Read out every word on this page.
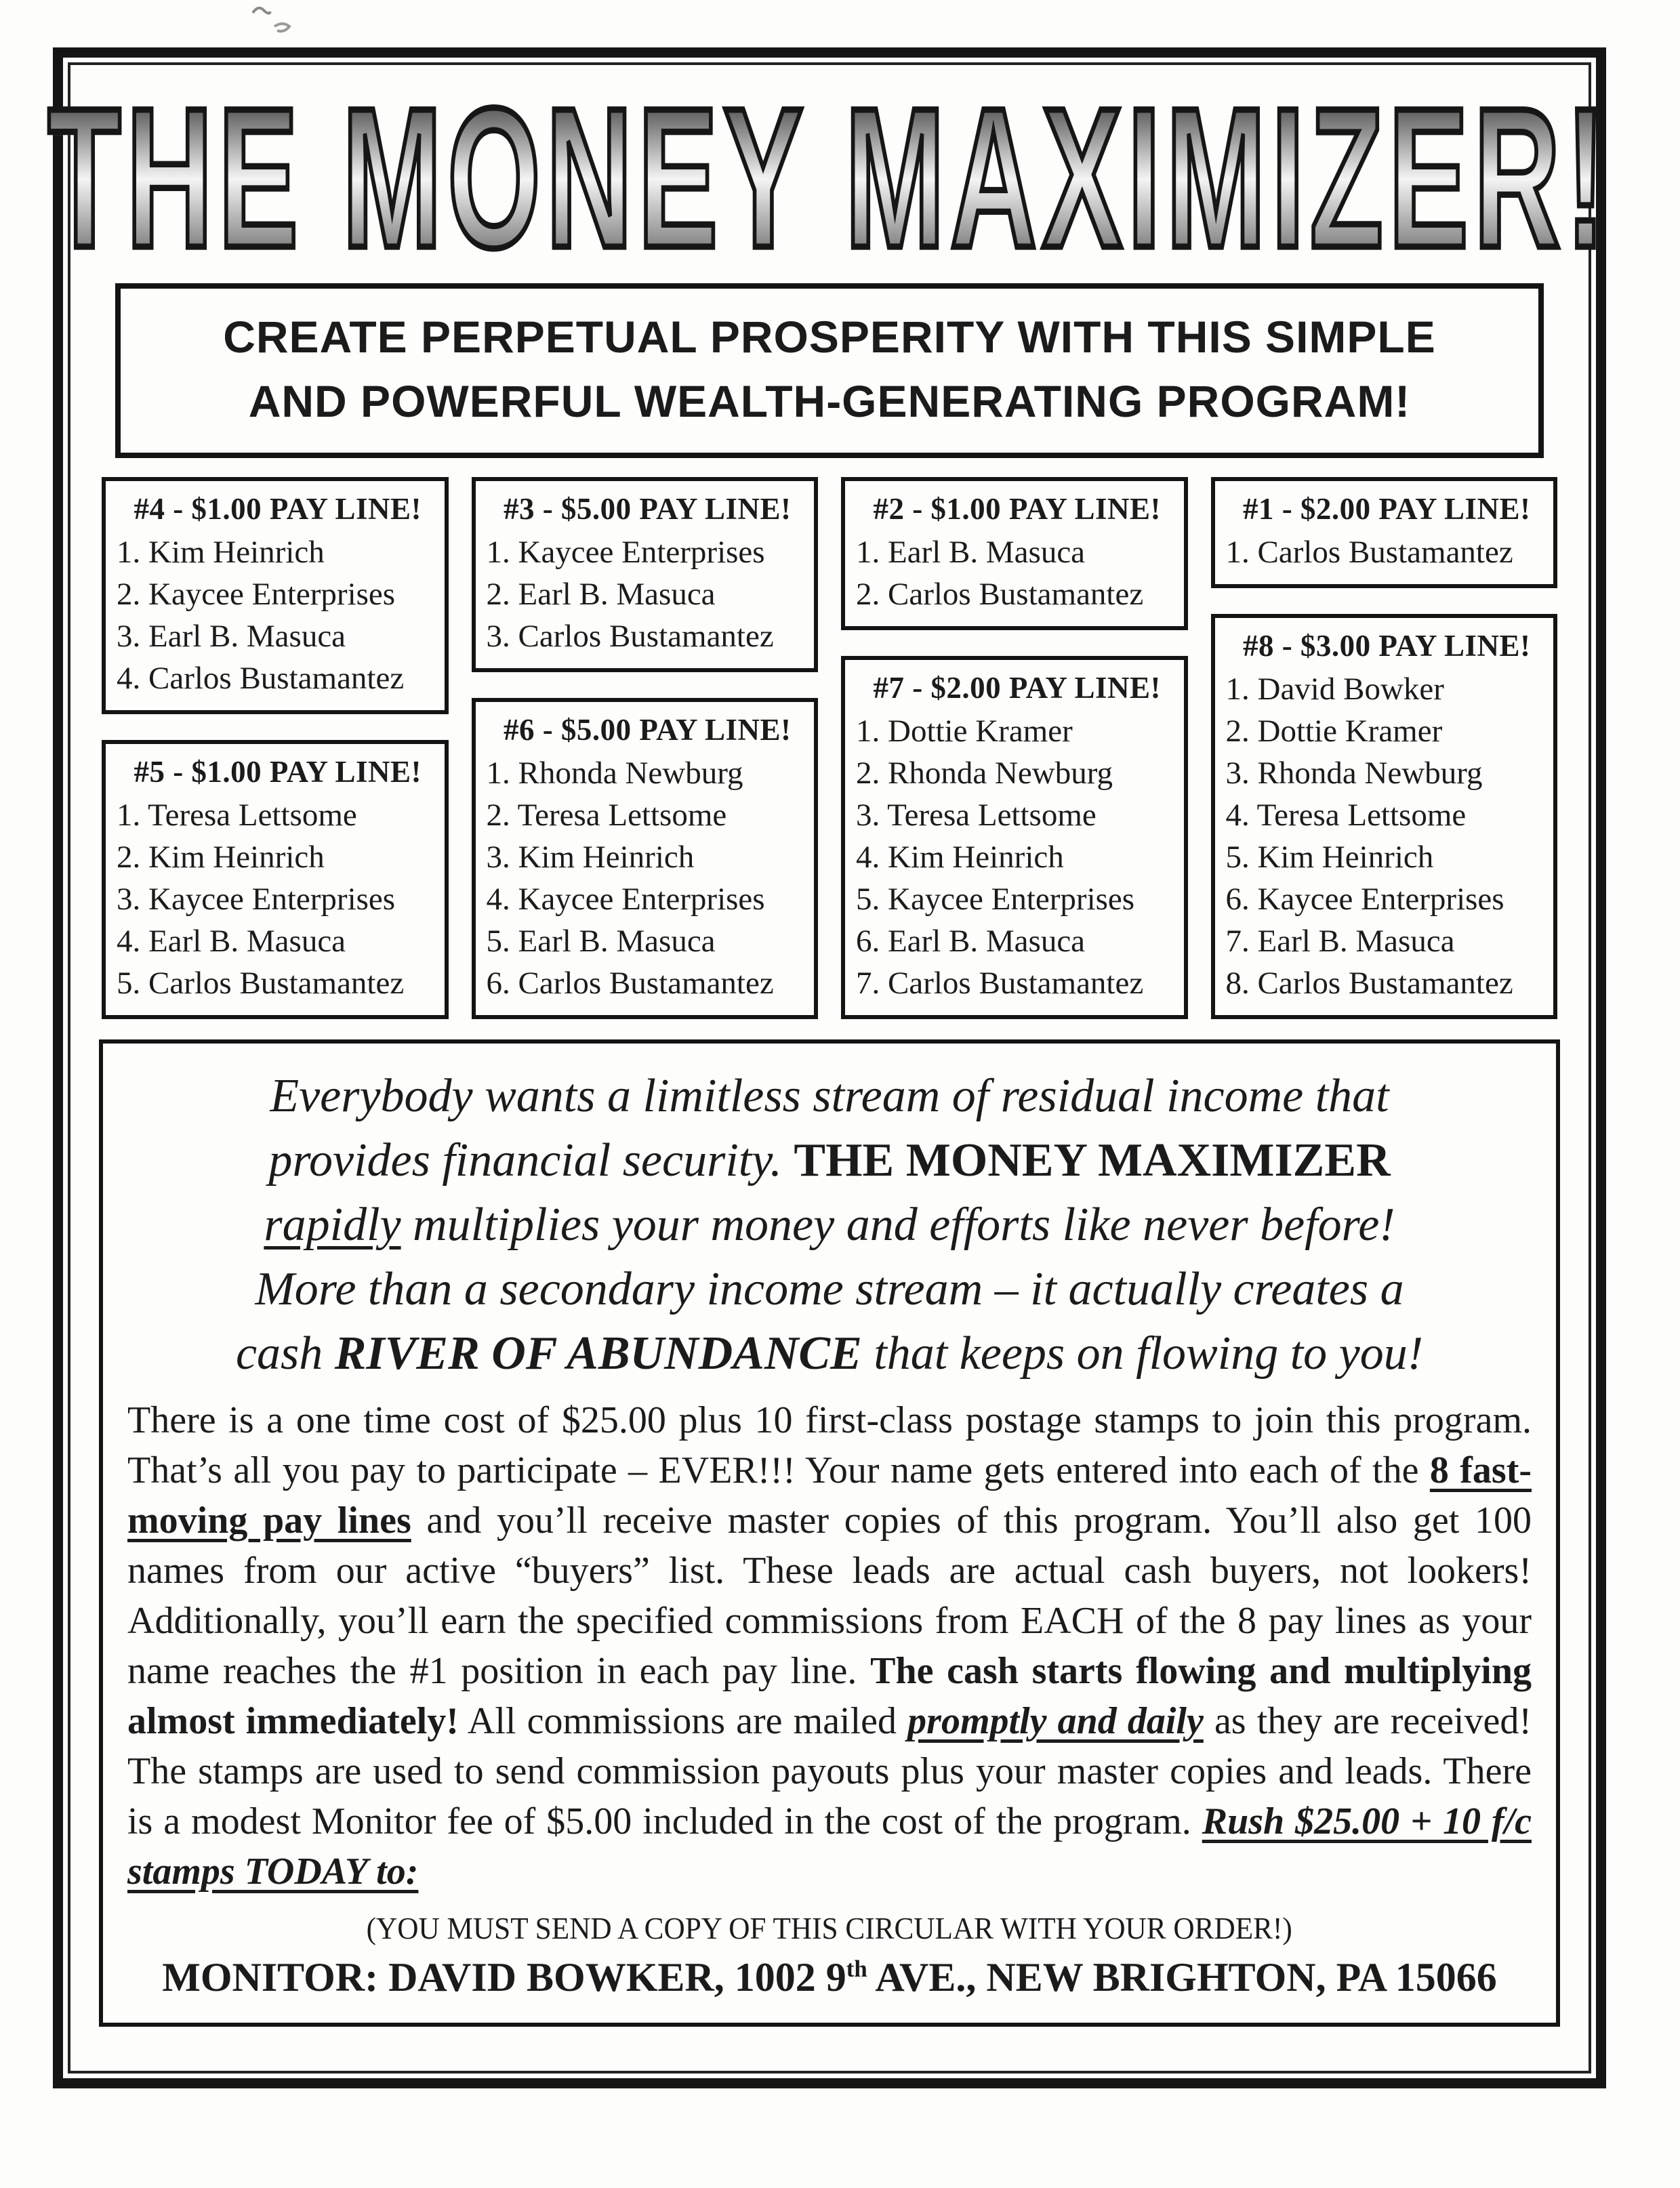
THE MONEY MAXIMIZER!
CREATE PERPETUAL PROSPERITY WITH THIS SIMPLE
AND POWERFUL WEALTH-GENERATING PROGRAM!
#4 - $1.00 PAY LINE!
1. Kim Heinrich
2. Kaycee Enterprises
3. Earl B. Masuca
4. Carlos Bustamantez
#5 - $1.00 PAY LINE!
1. Teresa Lettsome
2. Kim Heinrich
3. Kaycee Enterprises
4. Earl B. Masuca
5. Carlos Bustamantez
#3 - $5.00 PAY LINE!
1. Kaycee Enterprises
2. Earl B. Masuca
3. Carlos Bustamantez
#6 - $5.00 PAY LINE!
1. Rhonda Newburg
2. Teresa Lettsome
3. Kim Heinrich
4. Kaycee Enterprises
5. Earl B. Masuca
6. Carlos Bustamantez
#2 - $1.00 PAY LINE!
1. Earl B. Masuca
2. Carlos Bustamantez
#7 - $2.00 PAY LINE!
1. Dottie Kramer
2. Rhonda Newburg
3. Teresa Lettsome
4. Kim Heinrich
5. Kaycee Enterprises
6. Earl B. Masuca
7. Carlos Bustamantez
#1 - $2.00 PAY LINE!
1. Carlos Bustamantez
#8 - $3.00 PAY LINE!
1. David Bowker
2. Dottie Kramer
3. Rhonda Newburg
4. Teresa Lettsome
5. Kim Heinrich
6. Kaycee Enterprises
7. Earl B. Masuca
8. Carlos Bustamantez
Everybody wants a limitless stream of residual income that
provides financial security. THE MONEY MAXIMIZER
rapidly multiplies your money and efforts like never before!
More than a secondary income stream – it actually creates a
cash RIVER OF ABUNDANCE that keeps on flowing to you!

There is a one time cost of $25.00 plus 10 first-class postage stamps to join this program. That’s all you pay to participate – EVER!!! Your name gets entered into each of the 8 fast-moving pay lines and you’ll receive master copies of this program. You’ll also get 100 names from our active “buyers” list. These leads are actual cash buyers, not lookers! Additionally, you’ll earn the specified commissions from EACH of the 8 pay lines as your name reaches the #1 position in each pay line. The cash starts flowing and multiplying almost immediately! All commissions are mailed promptly and daily as they are received! The stamps are used to send commission payouts plus your master copies and leads. There is a modest Monitor fee of $5.00 included in the cost of the program. Rush $25.00 + 10 f/c stamps TODAY to:

(YOU MUST SEND A COPY OF THIS CIRCULAR WITH YOUR ORDER!)
MONITOR: DAVID BOWKER, 1002 9th AVE., NEW BRIGHTON, PA 15066
